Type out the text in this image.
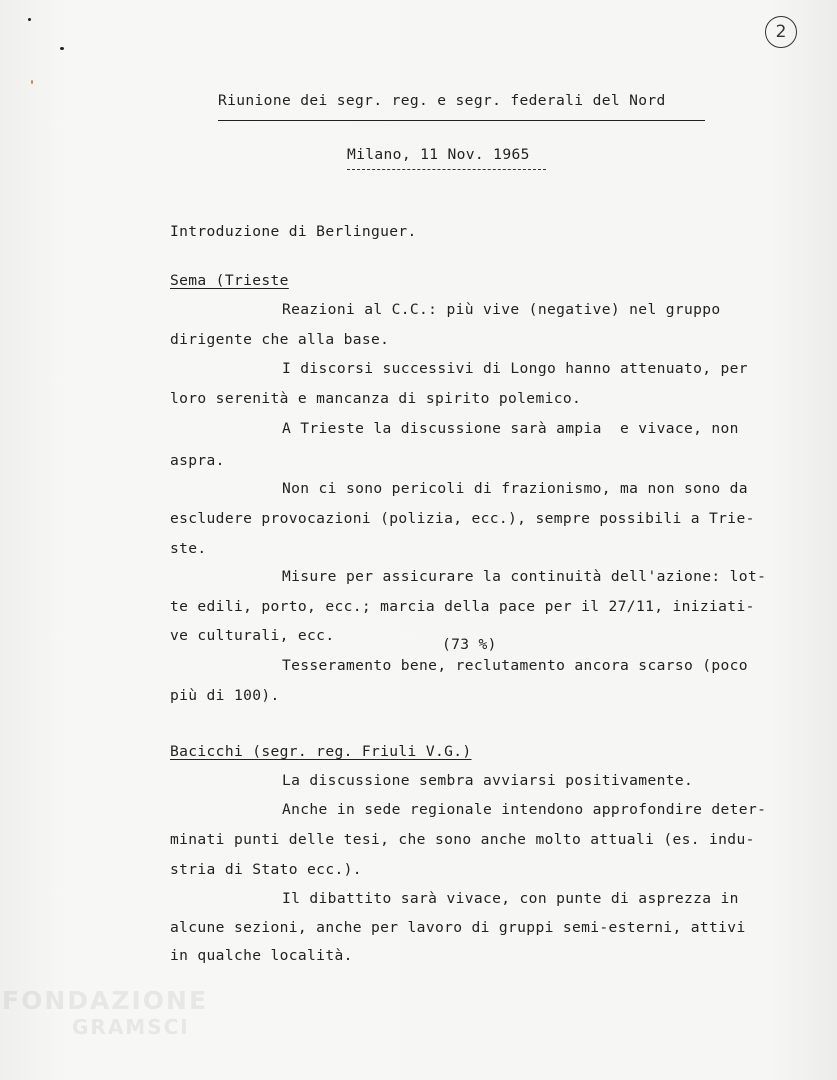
⠀
2
Riunione dei segr. reg. e segr. federali del Nord
Milano, 11 Nov. 1965
Introduzione di Berlinguer.
Sema (Trieste
Reazioni al C.C.: più vive (negative) nel gruppo
dirigente che alla base.
I discorsi successivi di Longo hanno attenuato, per
loro serenità e mancanza di spirito polemico.
A Trieste la discussione sarà ampia  e vivace, non
aspra.
Non ci sono pericoli di frazionismo, ma non sono da
escludere provocazioni (polizia, ecc.), sempre possibili a Trie-
ste.
Misure per assicurare la continuità dell'azione: lot-
te edili, porto, ecc.; marcia della pace per il 27/11, iniziati-
ve culturali, ecc.
(73 %)
Tesseramento bene, reclutamento ancora scarso (poco
più di 100).
Bacicchi (segr. reg. Friuli V.G.)
La discussione sembra avviarsi positivamente.
Anche in sede regionale intendono approfondire deter-
minati punti delle tesi, che sono anche molto attuali (es. indu-
stria di Stato ecc.).
Il dibattito sarà vivace, con punte di asprezza in
alcune sezioni, anche per lavoro di gruppi semi-esterni, attivi
in qualche località.
FONDAZIONE
GRAMSCI
